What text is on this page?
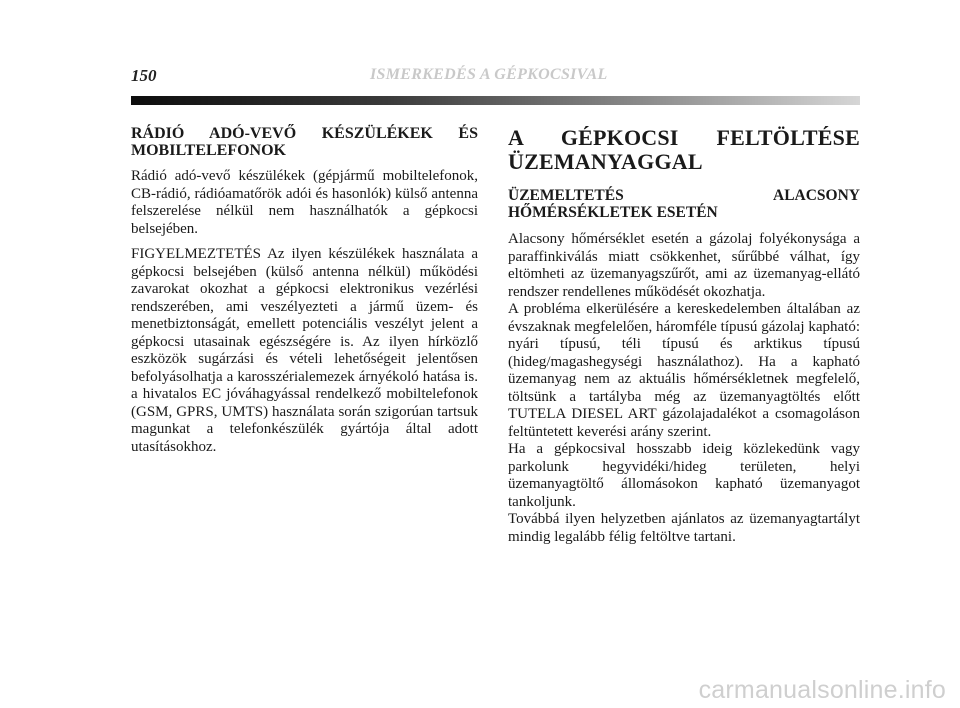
150	ISMERKEDÉS A GÉPKOCSIVAL
RÁDIÓ ADÓ-VEVŐ KÉSZÜLÉKEK ÉS MOBILTELEFONOK

Rádió adó-vevő készülékek (gépjármű mobiltelefonok, CB-rádió, rádióamatőrök adói és hasonlók) külső antenna felszerelése nélkül nem használhatók a gépkocsi belsejében.

FIGYELMEZTETÉS Az ilyen készülékek használata a gépkocsi belsejében (külső antenna nélkül) működési zavarokat okozhat a gépkocsi elektronikus vezérlési rendszerében, ami veszélyezteti a jármű üzem- és menetbiztonságát, emellett potenciális veszélyt jelent a gépkocsi utasainak egészségére is. Az ilyen hírközlő eszközök sugárzási és vételi lehetőségeit jelentősen befolyásolhatja a karosszérialemezek árnyékoló hatása is. a hivatalos EC jóváhagyással rendelkező mobiltelefonok (GSM, GPRS, UMTS) használata során szigorúan tartsuk magunkat a telefonkészülék gyártója által adott utasításokhoz.

A GÉPKOCSI FELTÖLTÉSE ÜZEMANYAGGAL
ÜZEMELTETÉS ALACSONY HŐMÉRSÉKLETEK ESETÉN

Alacsony hőmérséklet esetén a gázolaj folyékonysága a paraffinkiválás miatt csökkenhet, sűrűbbé válhat, így eltömheti az üzemanyagszűrőt, ami az üzemanyag-ellátó rendszer rendellenes működését okozhatja.

A probléma elkerülésére a kereskedelemben általában az évszaknak megfelelően, háromféle típusú gázolaj kapható: nyári típusú, téli típusú és arktikus típusú (hideg/magashegységi használathoz). Ha a kapható üzemanyag nem az aktuális hőmérsékletnek megfelelő, töltsünk a tartályba még az üzemanyagtöltés előtt TUTELA DIESEL ART gázolajadalékot a csomagoláson feltüntetett keverési arány szerint.

Ha a gépkocsival hosszabb ideig közlekedünk vagy parkolunk hegyvidéki/hideg területen, helyi üzemanyagtöltő állomásokon kapható üzemanyagot tankoljunk.

Továbbá ilyen helyzetben ajánlatos az üzemanyagtartályt mindig legalább félig feltöltve tartani.

carmanualsonline.info
